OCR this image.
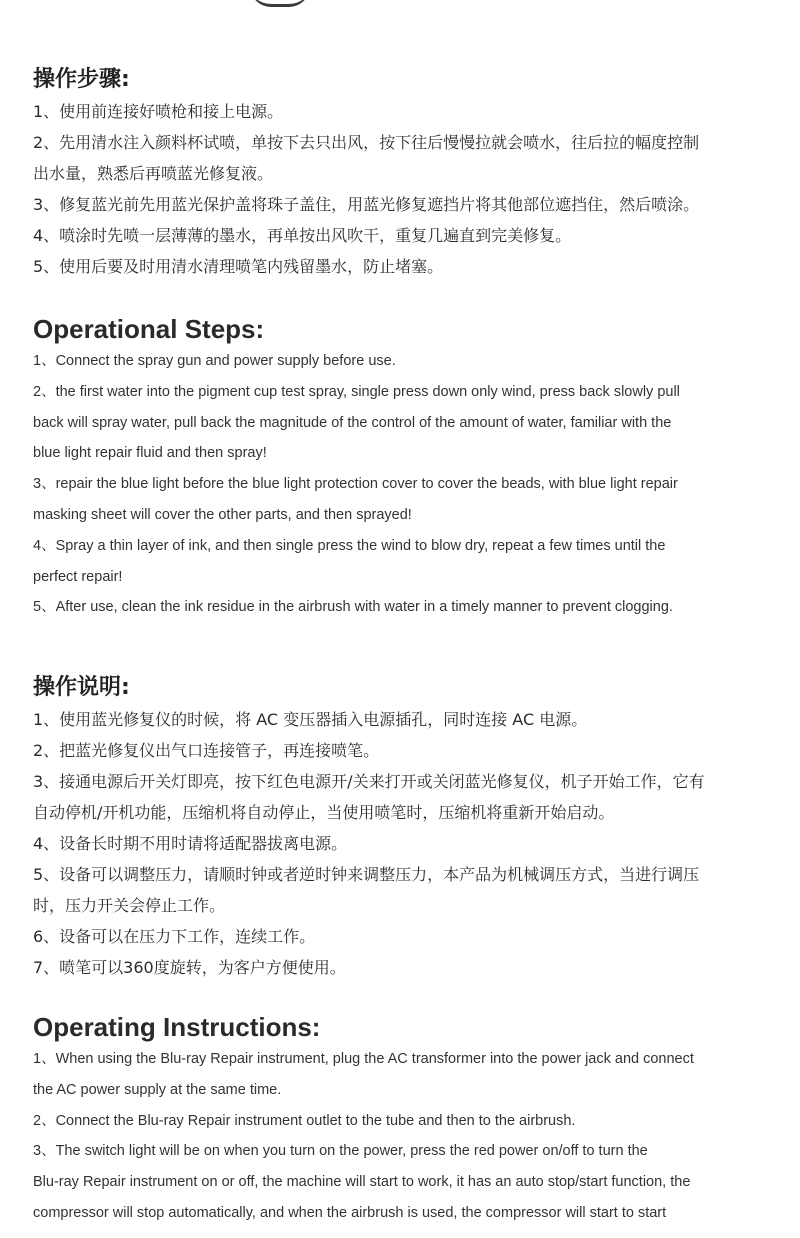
操作步骤:
1、使用前连接好喷枪和接上电源。
2、先用清水注入颜料杯试喷，单按下去只出风，按下往后慢慢拉就会喷水，往后拉的幅度控制
出水量，熟悉后再喷蓝光修复液。
3、修复蓝光前先用蓝光保护盖将珠子盖住，用蓝光修复遮挡片将其他部位遮挡住，然后喷涂。
4、喷涂时先喷一层薄薄的墨水，再单按出风吹干，重复几遍直到完美修复。
5、使用后要及时用清水清理喷笔内残留墨水，防止堵塞。
Operational Steps:
1、Connect the spray gun and power supply before use.
2、the first water into the pigment cup test spray, single press down only wind, press back slowly pull
back will spray water, pull back the magnitude of the control of the amount of water, familiar with the
blue light repair fluid and then spray!
3、repair the blue light before the blue light protection cover to cover the beads, with blue light repair
masking sheet will cover the other parts, and then sprayed!
4、Spray a thin layer of ink, and then single press the wind to blow dry, repeat a few times until the
perfect repair!
5、After use, clean the ink residue in the airbrush with water in a timely manner to prevent clogging.
操作说明:
1、使用蓝光修复仪的时候，将 AC 变压器插入电源插孔，同时连接 AC 电源。
2、把蓝光修复仪出气口连接管子，再连接喷笔。
3、接通电源后开关灯即亮，按下红色电源开/关来打开或关闭蓝光修复仪，机子开始工作，它有
自动停机/开机功能，压缩机将自动停止，当使用喷笔时，压缩机将重新开始启动。
4、设备长时期不用时请将适配器拔离电源。
5、设备可以调整压力，请顺时钟或者逆时钟来调整压力，本产品为机械调压方式，当进行调压
时，压力开关会停止工作。
6、设备可以在压力下工作，连续工作。
7、喷笔可以360度旋转，为客户方便使用。
Operating Instructions:
1、When using the Blu-ray Repair instrument, plug the AC transformer into the power jack and connect
the AC power supply at the same time.
2、Connect the Blu-ray Repair instrument outlet to the tube and then to the airbrush.
3、The switch light will be on when you turn on the power, press the red power on/off to turn the
Blu-ray Repair instrument on or off, the machine will start to work, it has an auto stop/start function, the
compressor will stop automatically, and when the airbrush is used, the compressor will start to start
